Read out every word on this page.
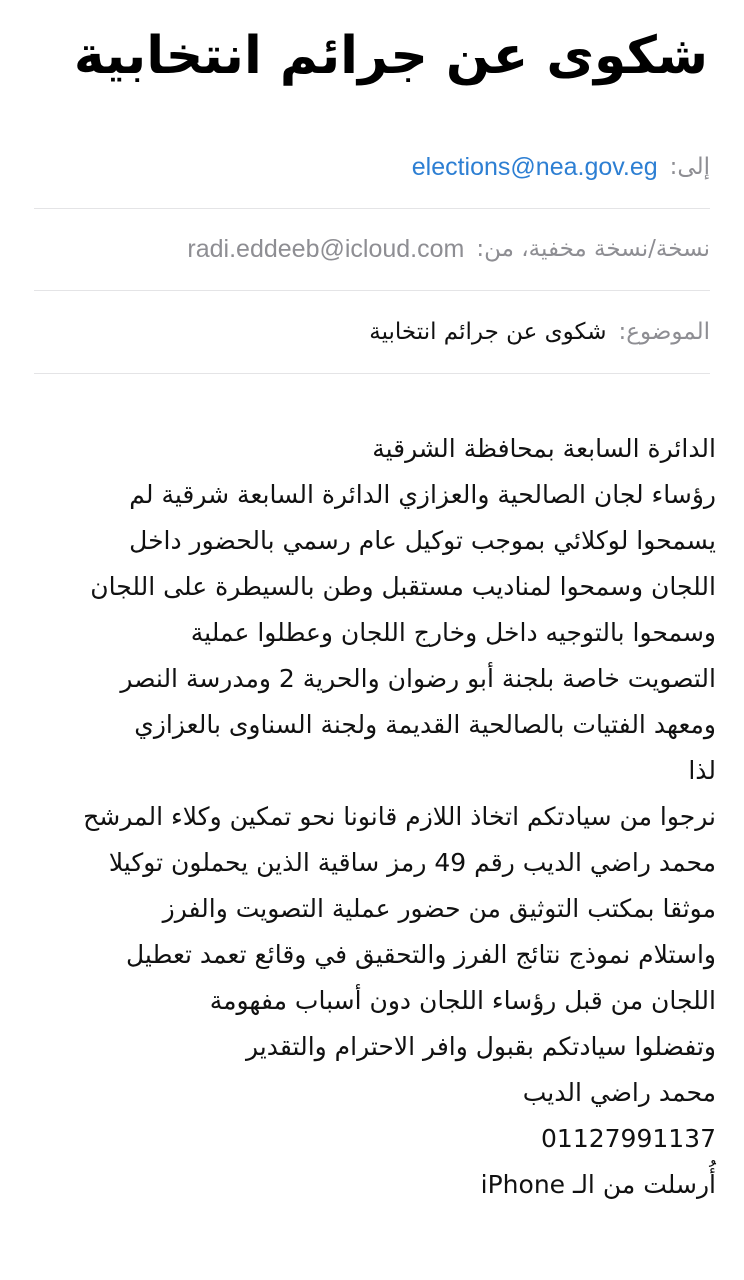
شكوى عن جرائم انتخابية
إلى:
elections@nea.gov.eg
نسخة/نسخة مخفية، من:
radi.eddeeb@icloud.com
الموضوع:
شكوى عن جرائم انتخابية
الدائرة السابعة بمحافظة الشرقية
رؤساء لجان الصالحية والعزازي الدائرة السابعة شرقية لم
يسمحوا لوكلائي بموجب توكيل عام رسمي بالحضور داخل
اللجان وسمحوا لمناديب مستقبل وطن بالسيطرة على اللجان
وسمحوا بالتوجيه داخل وخارج اللجان وعطلوا عملية
التصويت خاصة بلجنة أبو رضوان والحرية 2 ومدرسة النصر
ومعهد الفتيات بالصالحية القديمة ولجنة السناوى بالعزازي
لذا
نرجوا من سيادتكم اتخاذ اللازم قانونا نحو تمكين وكلاء المرشح
محمد راضي الديب رقم 49 رمز ساقية الذين يحملون توكيلا
موثقا بمكتب التوثيق من حضور عملية التصويت والفرز
واستلام نموذج نتائج الفرز والتحقيق في وقائع تعمد تعطيل
اللجان من قبل رؤساء اللجان دون أسباب مفهومة
وتفضلوا سيادتكم بقبول وافر الاحترام والتقدير
محمد راضي الديب
01127991137
أُرسلت من الـ iPhone
